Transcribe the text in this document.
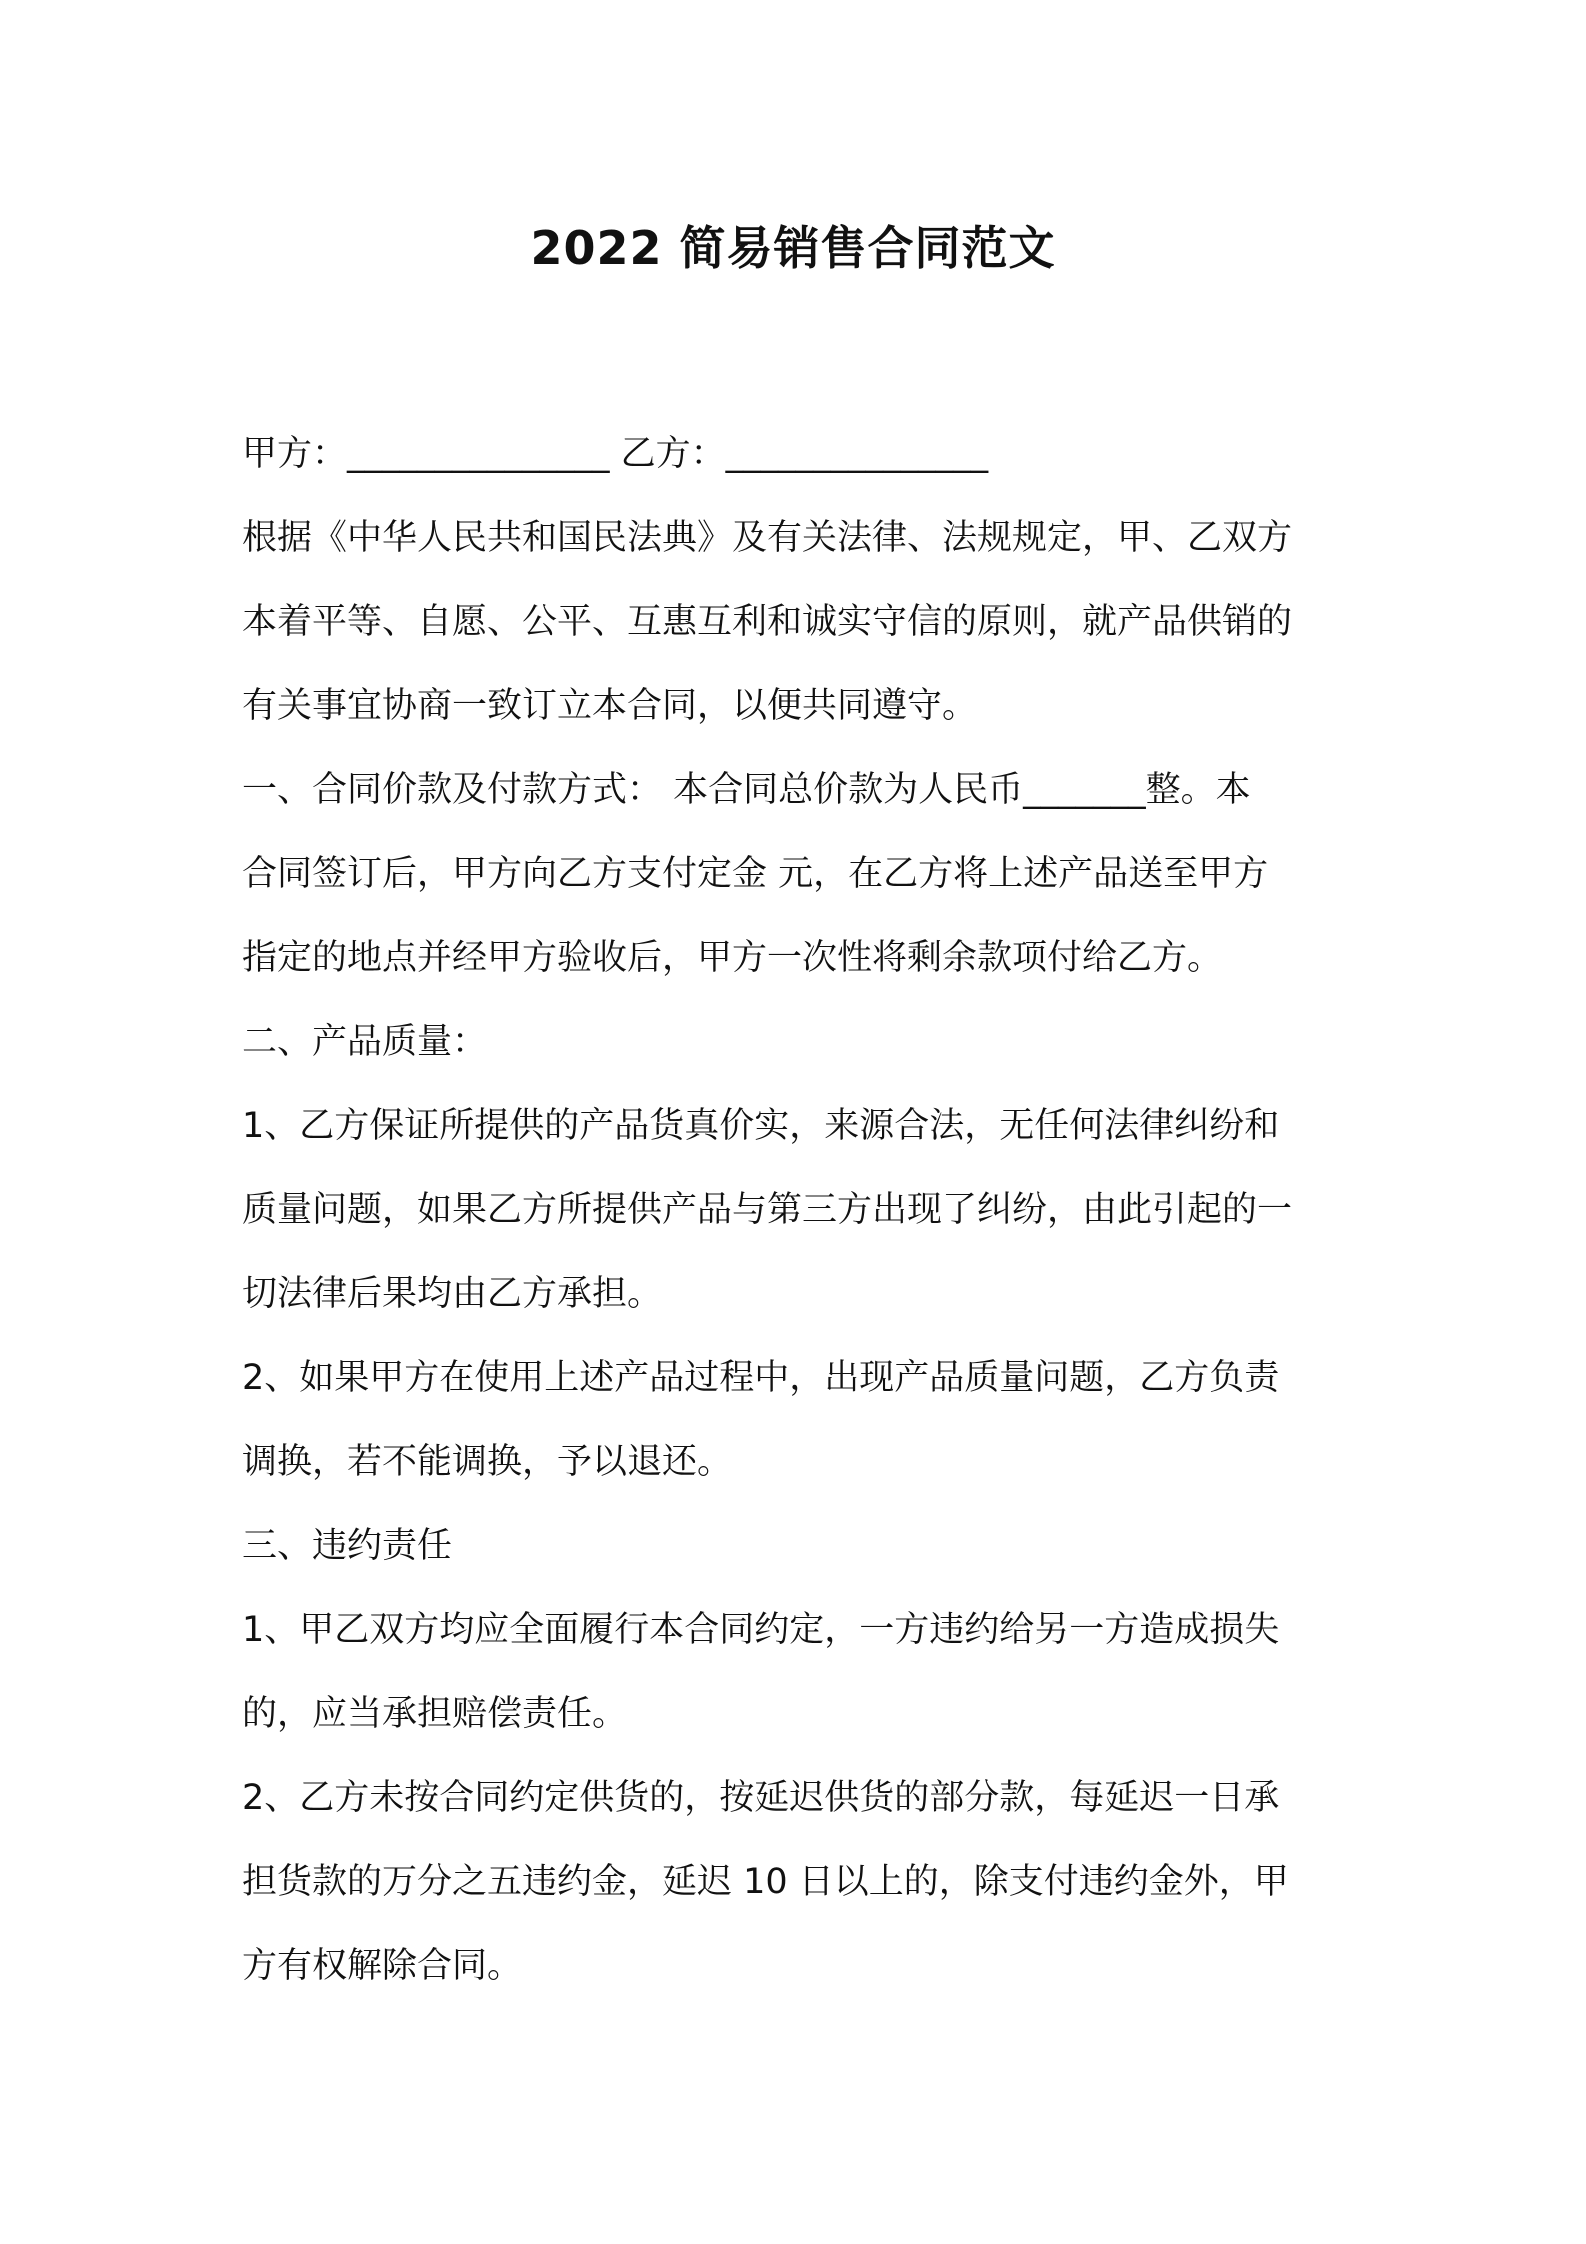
2022 简易销售合同范文
甲方：_______________ 乙方：_______________
根据《中华人民共和国民法典》及有关法律、法规规定，甲、乙双方
本着平等、自愿、公平、互惠互利和诚实守信的原则，就产品供销的
有关事宜协商一致订立本合同，以便共同遵守。
一、合同价款及付款方式： 本合同总价款为人民币_______整。本
合同签订后，甲方向乙方支付定金 元，在乙方将上述产品送至甲方
指定的地点并经甲方验收后，甲方一次性将剩余款项付给乙方。
二、产品质量：
1、乙方保证所提供的产品货真价实，来源合法，无任何法律纠纷和
质量问题，如果乙方所提供产品与第三方出现了纠纷，由此引起的一
切法律后果均由乙方承担。
2、如果甲方在使用上述产品过程中，出现产品质量问题，乙方负责
调换，若不能调换，予以退还。
三、违约责任
1、甲乙双方均应全面履行本合同约定，一方违约给另一方造成损失
的，应当承担赔偿责任。
2、乙方未按合同约定供货的，按延迟供货的部分款，每延迟一日承
担货款的万分之五违约金，延迟 10 日以上的，除支付违约金外，甲
方有权解除合同。
